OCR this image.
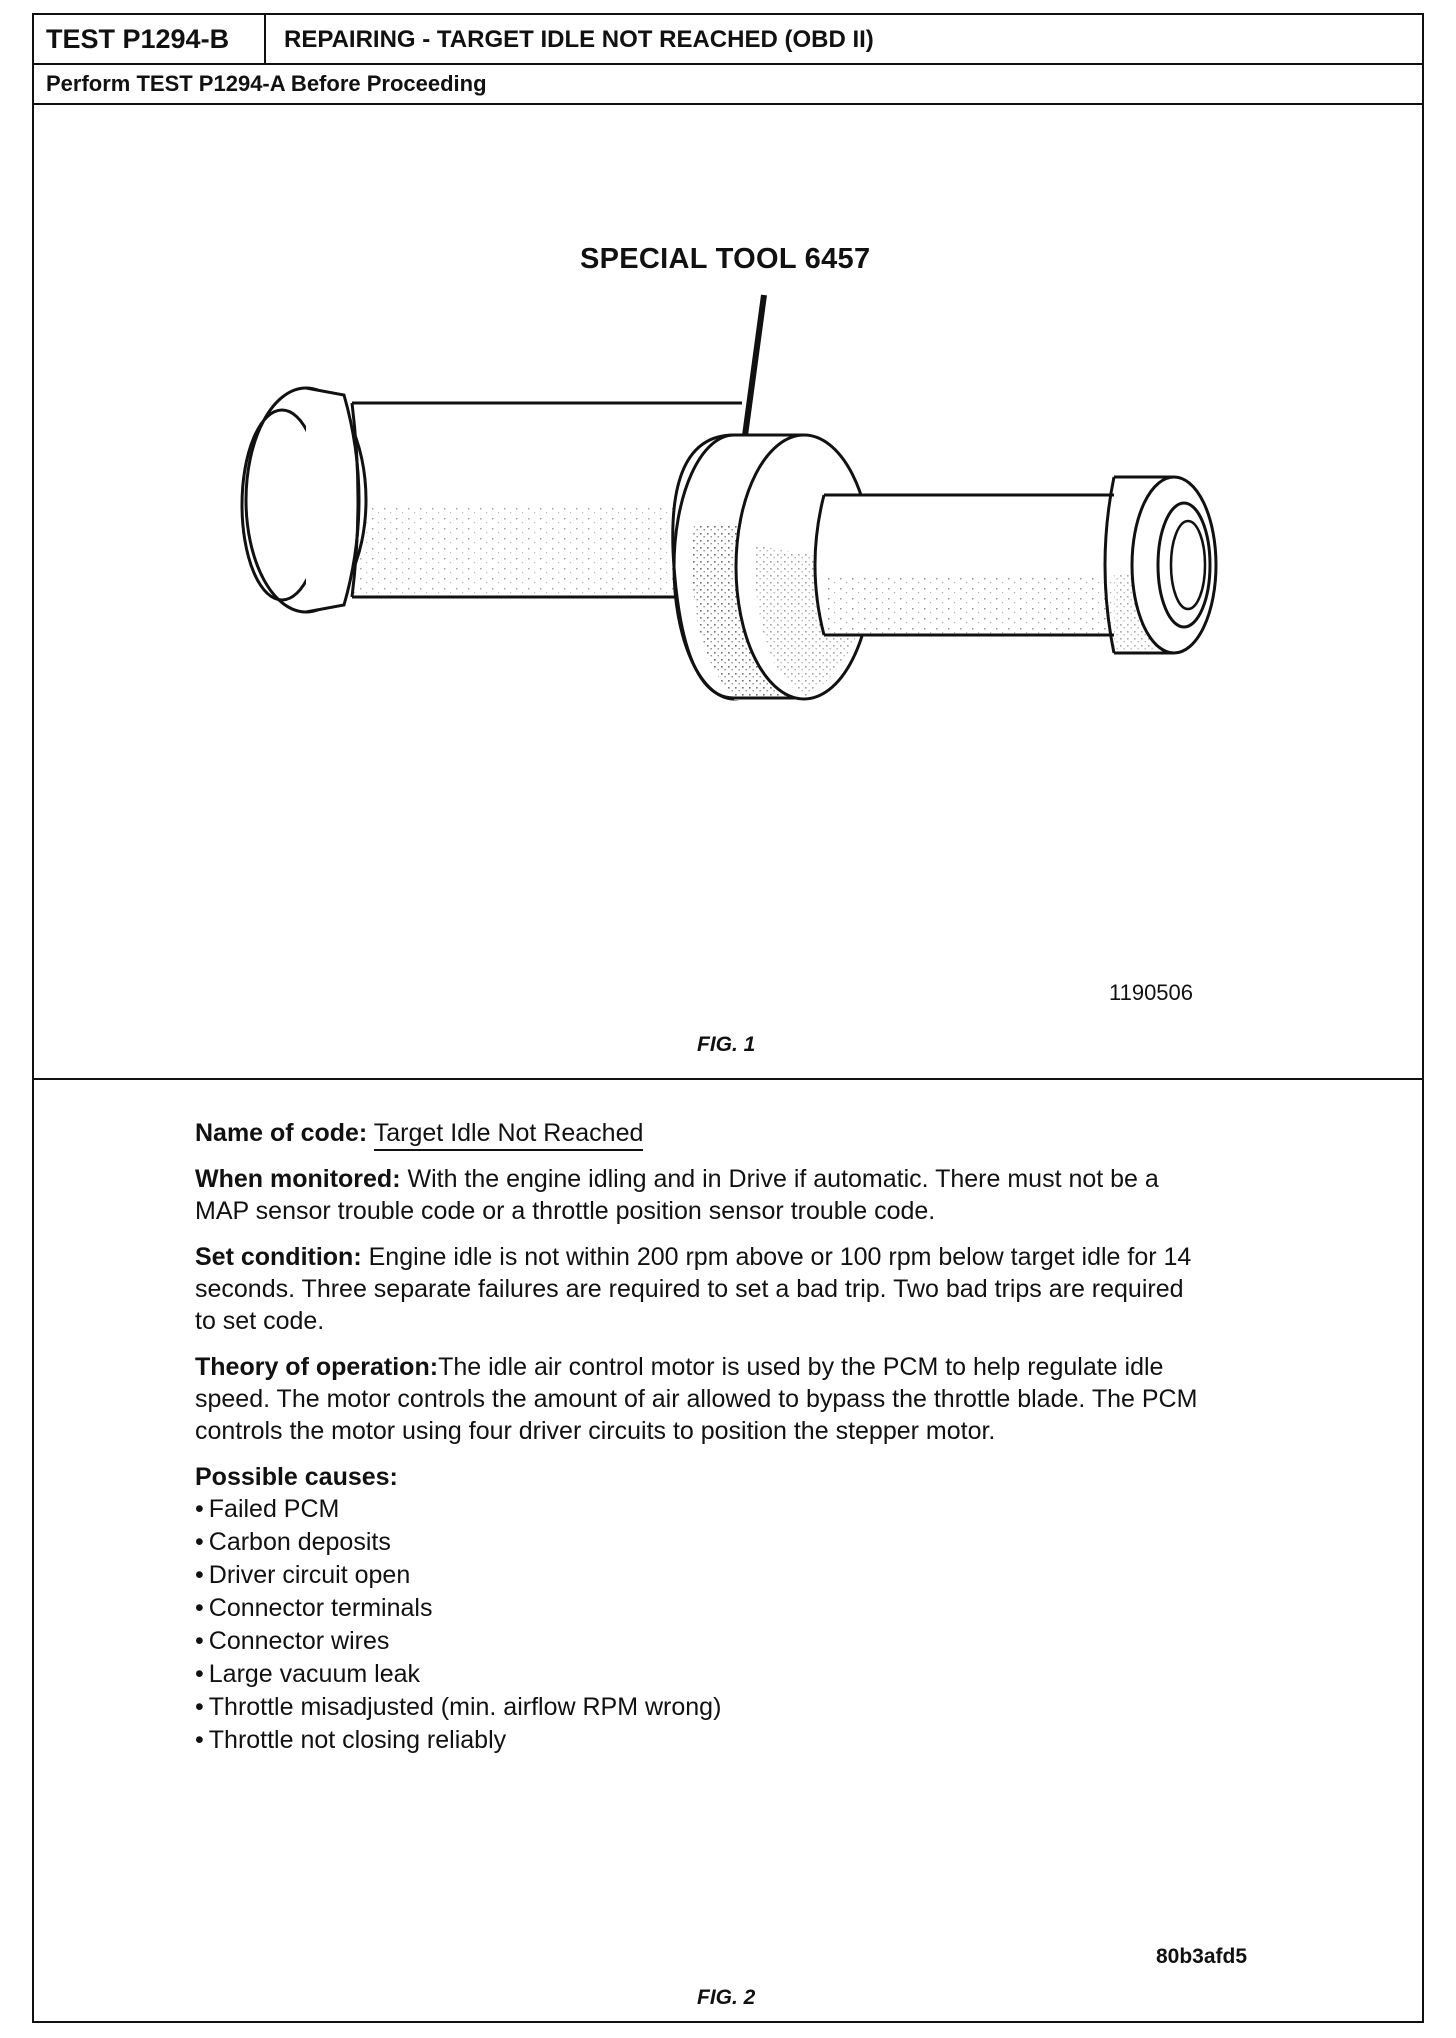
TEST P1294-B	REPAIRING - TARGET IDLE NOT REACHED (OBD II)
Perform TEST P1294-A Before Proceeding
SPECIAL TOOL 6457
1190506
FIG. 1
80b3afd5
FIG. 2

Name of code: Target Idle Not Reached

When monitored: With the engine idling and in Drive if automatic. There must not be a MAP sensor trouble code or a throttle position sensor trouble code.

Set condition: Engine idle is not within 200 rpm above or 100 rpm below target idle for 14 seconds. Three separate failures are required to set a bad trip. Two bad trips are required to set code.

Theory of operation:The idle air control motor is used by the PCM to help regulate idle speed. The motor controls the amount of air allowed to bypass the throttle blade. The PCM controls the motor using four driver circuits to position the stepper motor.

Possible causes:
• Failed PCM
• Carbon deposits
• Driver circuit open
• Connector terminals
• Connector wires
• Large vacuum leak
• Throttle misadjusted (min. airflow RPM wrong)
• Throttle not closing reliably
